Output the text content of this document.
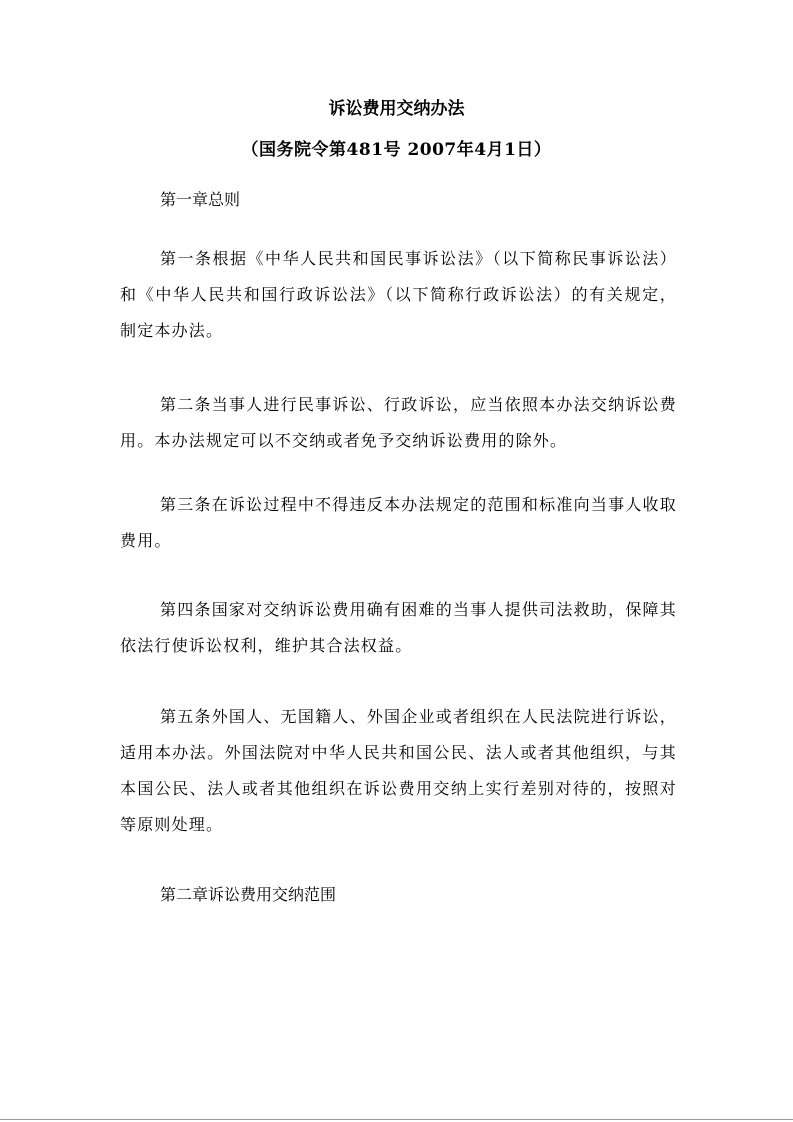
诉讼费用交纳办法
（国务院令第481号 2007年4月1日）
第一章总则
第一条根据《中华人民共和国民事诉讼法》（以下简称民事诉讼法）和《中华人民共和国行政诉讼法》（以下简称行政诉讼法）的有关规定，制定本办法。
第二条当事人进行民事诉讼、行政诉讼，应当依照本办法交纳诉讼费用。本办法规定可以不交纳或者免予交纳诉讼费用的除外。
第三条在诉讼过程中不得违反本办法规定的范围和标准向当事人收取费用。
第四条国家对交纳诉讼费用确有困难的当事人提供司法救助，保障其依法行使诉讼权利，维护其合法权益。
第五条外国人、无国籍人、外国企业或者组织在人民法院进行诉讼，适用本办法。外国法院对中华人民共和国公民、法人或者其他组织，与其本国公民、法人或者其他组织在诉讼费用交纳上实行差别对待的，按照对等原则处理。
第二章诉讼费用交纳范围
